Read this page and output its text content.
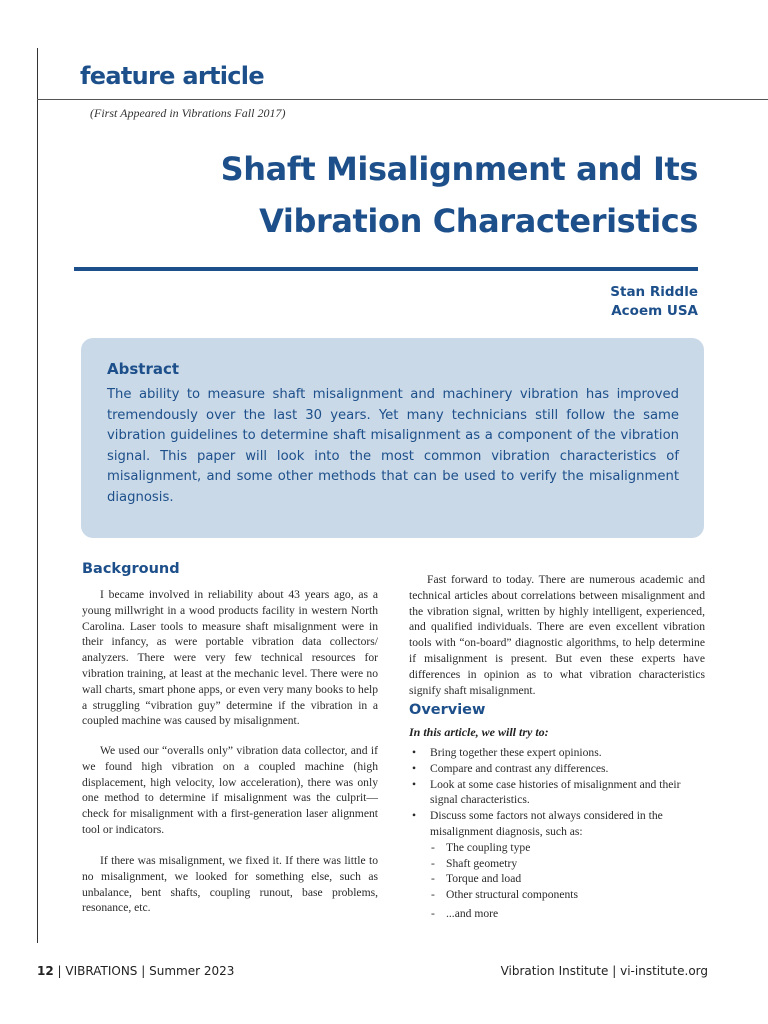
feature article
(First Appeared in Vibrations Fall 2017)
Shaft Misalignment and Its
Vibration Characteristics
Stan Riddle
Acoem USA
Abstract
The ability to measure shaft misalignment and machinery vibration has improved tremendously over the last 30 years. Yet many technicians still follow the same vibration guidelines to determine shaft misalignment as a component of the vibration signal. This paper will look into the most common vibration characteristics of misalignment, and some other methods that can be used to verify the misalignment diagnosis.
Background
I became involved in reliability about 43 years ago, as a young millwright in a wood products facility in western North Carolina. Laser tools to measure shaft misalignment were in their infancy, as were portable vibration data collectors/ analyzers. There were very few technical resources for vibration training, at least at the mechanic level. There were no wall charts, smart phone apps, or even very many books to help a struggling “vibration guy” determine if the vibration in a coupled machine was caused by misalignment.
We used our “overalls only” vibration data collector, and if we found high vibration on a coupled machine (high displacement, high velocity, low acceleration), there was only one method to determine if misalignment was the culprit—check for misalignment with a first-generation laser alignment tool or indicators.
If there was misalignment, we fixed it. If there was little to no misalignment, we looked for something else, such as unbalance, bent shafts, coupling runout, base problems, resonance, etc.
Fast forward to today. There are numerous academic and technical articles about correlations between misalignment and the vibration signal, written by highly intelligent, experienced, and qualified individuals. There are even excellent vibration tools with “on-board” diagnostic algorithms, to help determine if misalignment is present. But even these experts have differences in opinion as to what vibration characteristics signify shaft misalignment.
Overview
In this article, we will try to:
• Bring together these expert opinions.
• Compare and contrast any differences.
• Look at some case histories of misalignment and their signal characteristics.
• Discuss some factors not always considered in the misalignment diagnosis, such as:
- The coupling type
- Shaft geometry
- Torque and load
- Other structural components
- ...and more
12 | VIBRATIONS | Summer 2023	Vibration Institute | vi-institute.org
